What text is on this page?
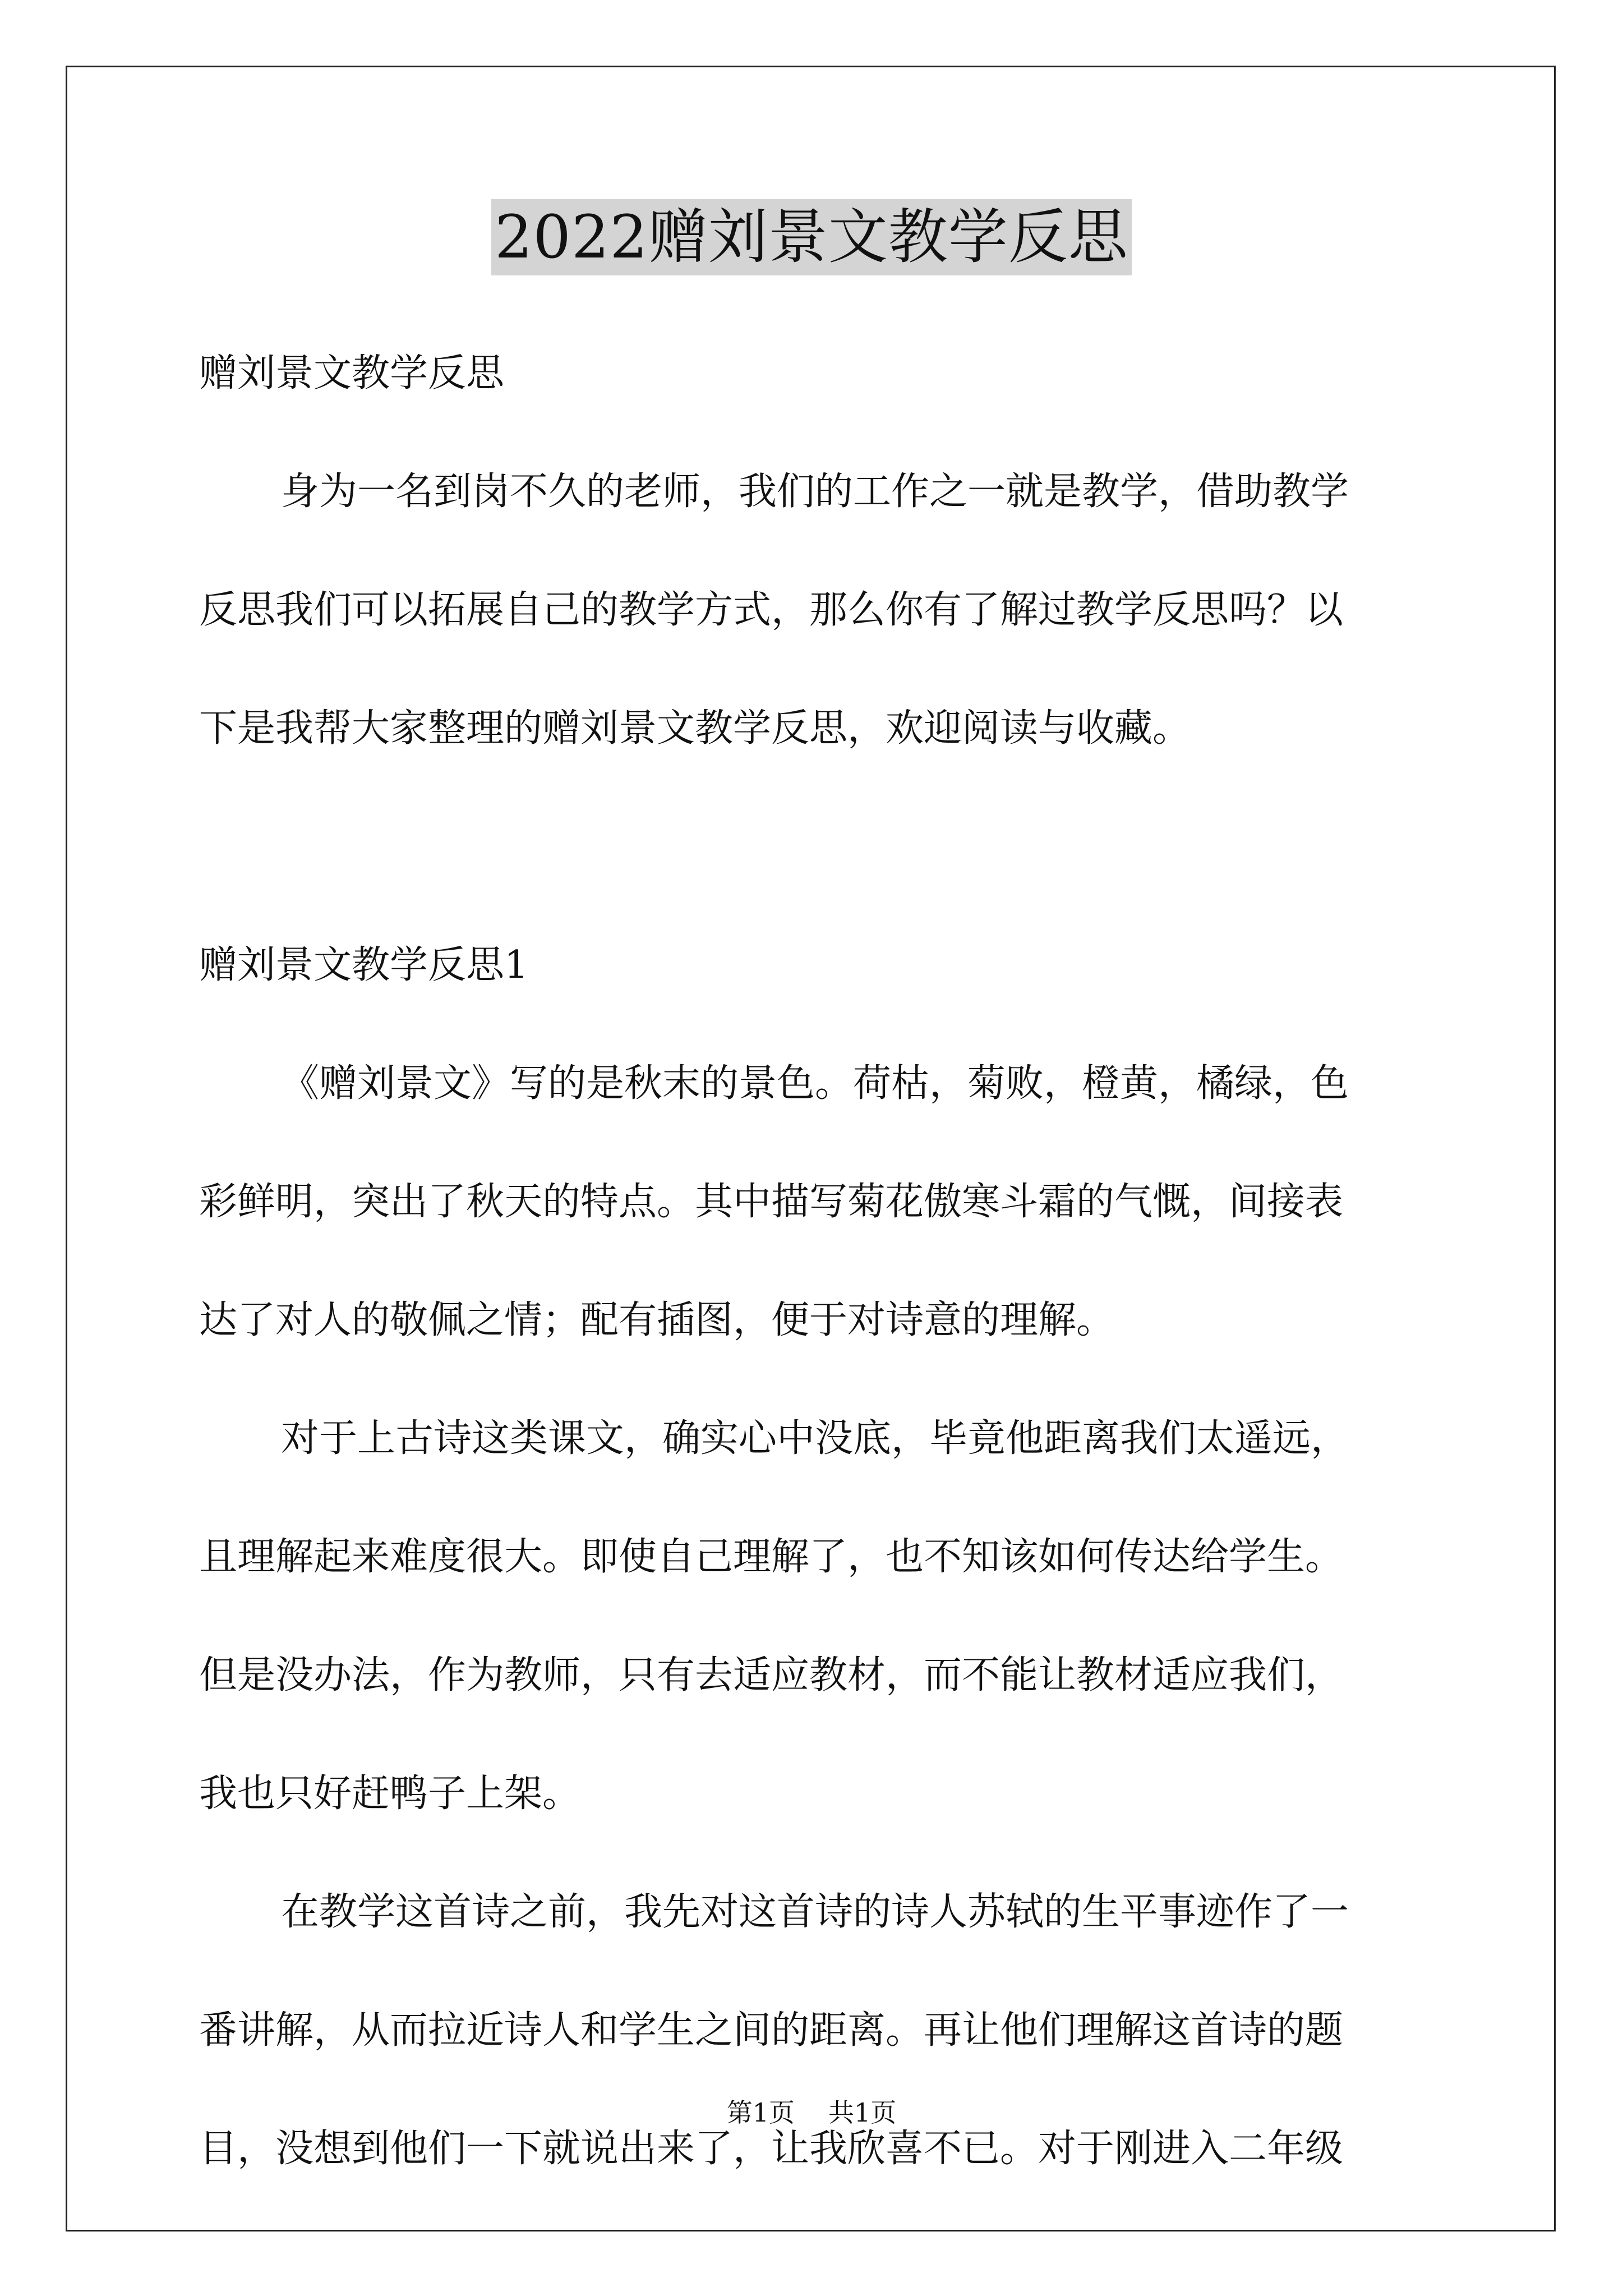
2022赠刘景文教学反思
赠刘景文教学反思
身为一名到岗不久的老师，我们的工作之一就是教学，借助教学
反思我们可以拓展自己的教学方式，那么你有了解过教学反思吗？以
下是我帮大家整理的赠刘景文教学反思，欢迎阅读与收藏。
赠刘景文教学反思1
《赠刘景文》写的是秋末的景色。荷枯，菊败，橙黄，橘绿，色
彩鲜明，突出了秋天的特点。其中描写菊花傲寒斗霜的气慨，间接表
达了对人的敬佩之情；配有插图，便于对诗意的理解。
对于上古诗这类课文，确实心中没底，毕竟他距离我们太遥远，
且理解起来难度很大。即使自己理解了，也不知该如何传达给学生。
但是没办法，作为教师，只有去适应教材，而不能让教材适应我们，
我也只好赶鸭子上架。
在教学这首诗之前，我先对这首诗的诗人苏轼的生平事迹作了一
番讲解，从而拉近诗人和学生之间的距离。再让他们理解这首诗的题
目，没想到他们一下就说出来了，让我欣喜不已。对于刚进入二年级
第1页 共1页
